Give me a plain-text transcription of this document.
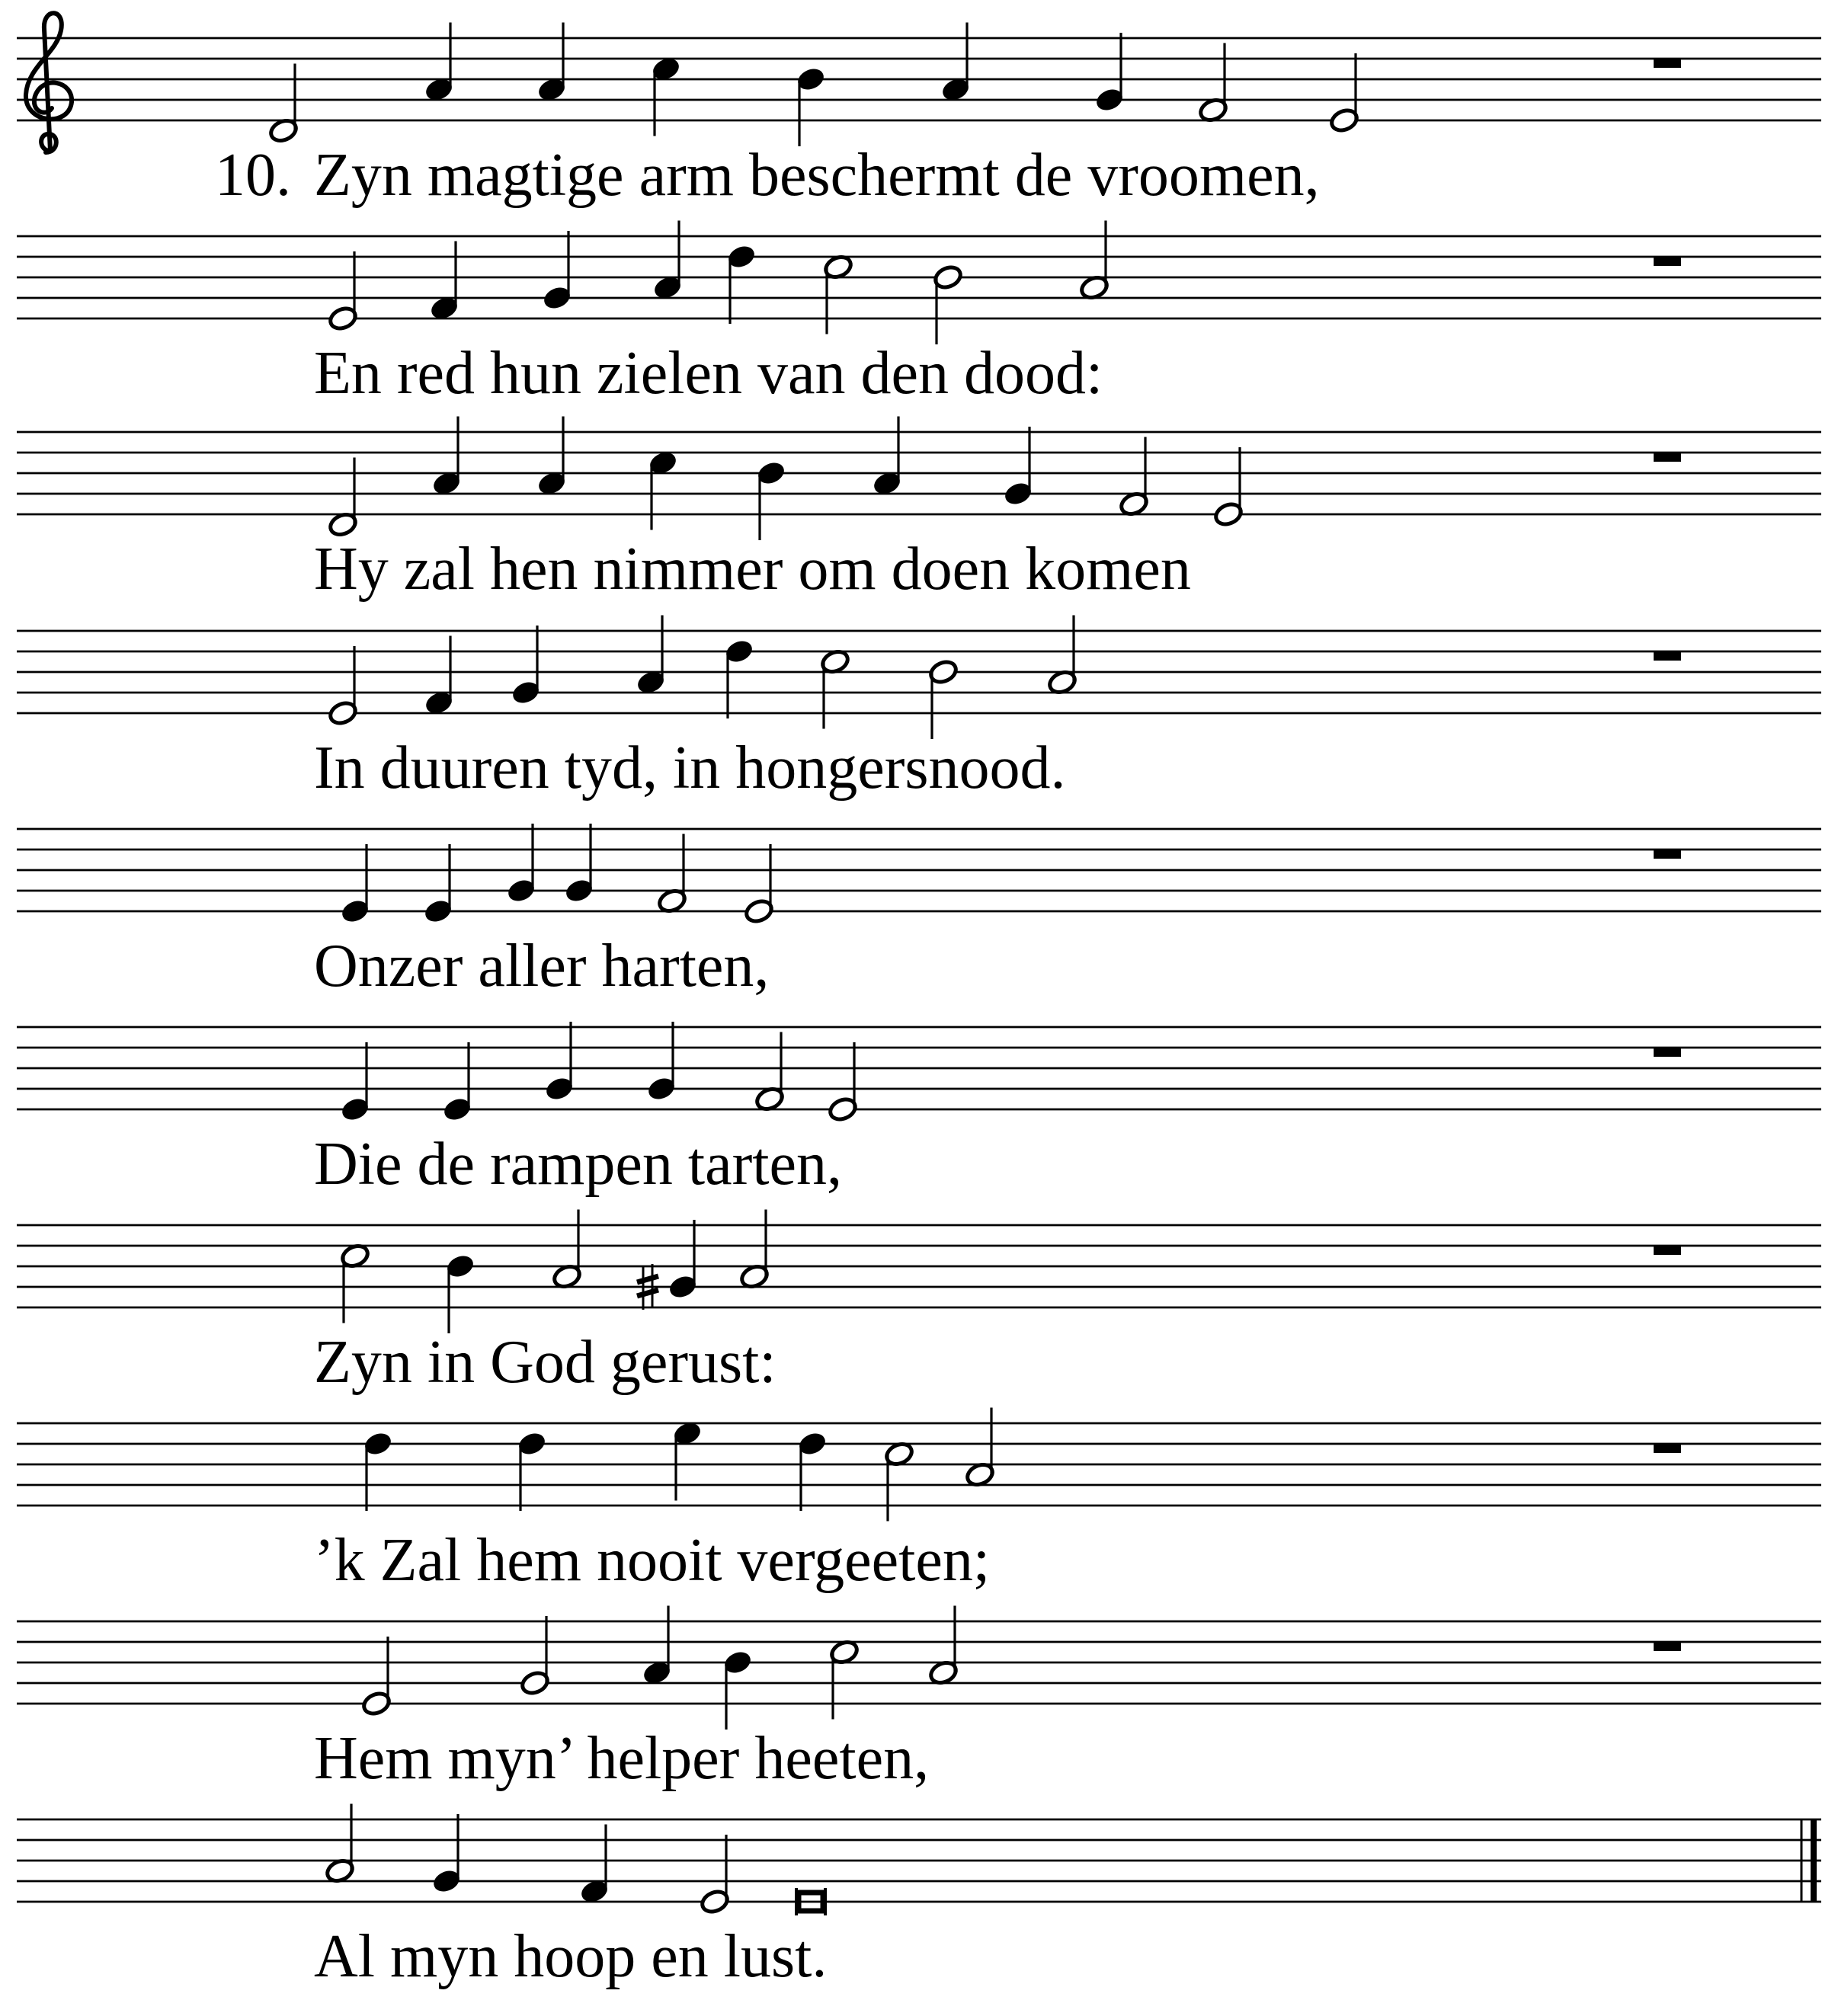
Zyn magtige arm beschermt de vroomen,
En red hun zielen van den dood:
Hy zal hen nimmer om doen komen
In duuren tyd, in hongersnood.
Onzer aller harten,
Die de rampen tarten,
Zyn in God gerust:
’k Zal hem nooit vergeeten;
Hem myn’ helper heeten,
Al myn hoop en lust.
10.
